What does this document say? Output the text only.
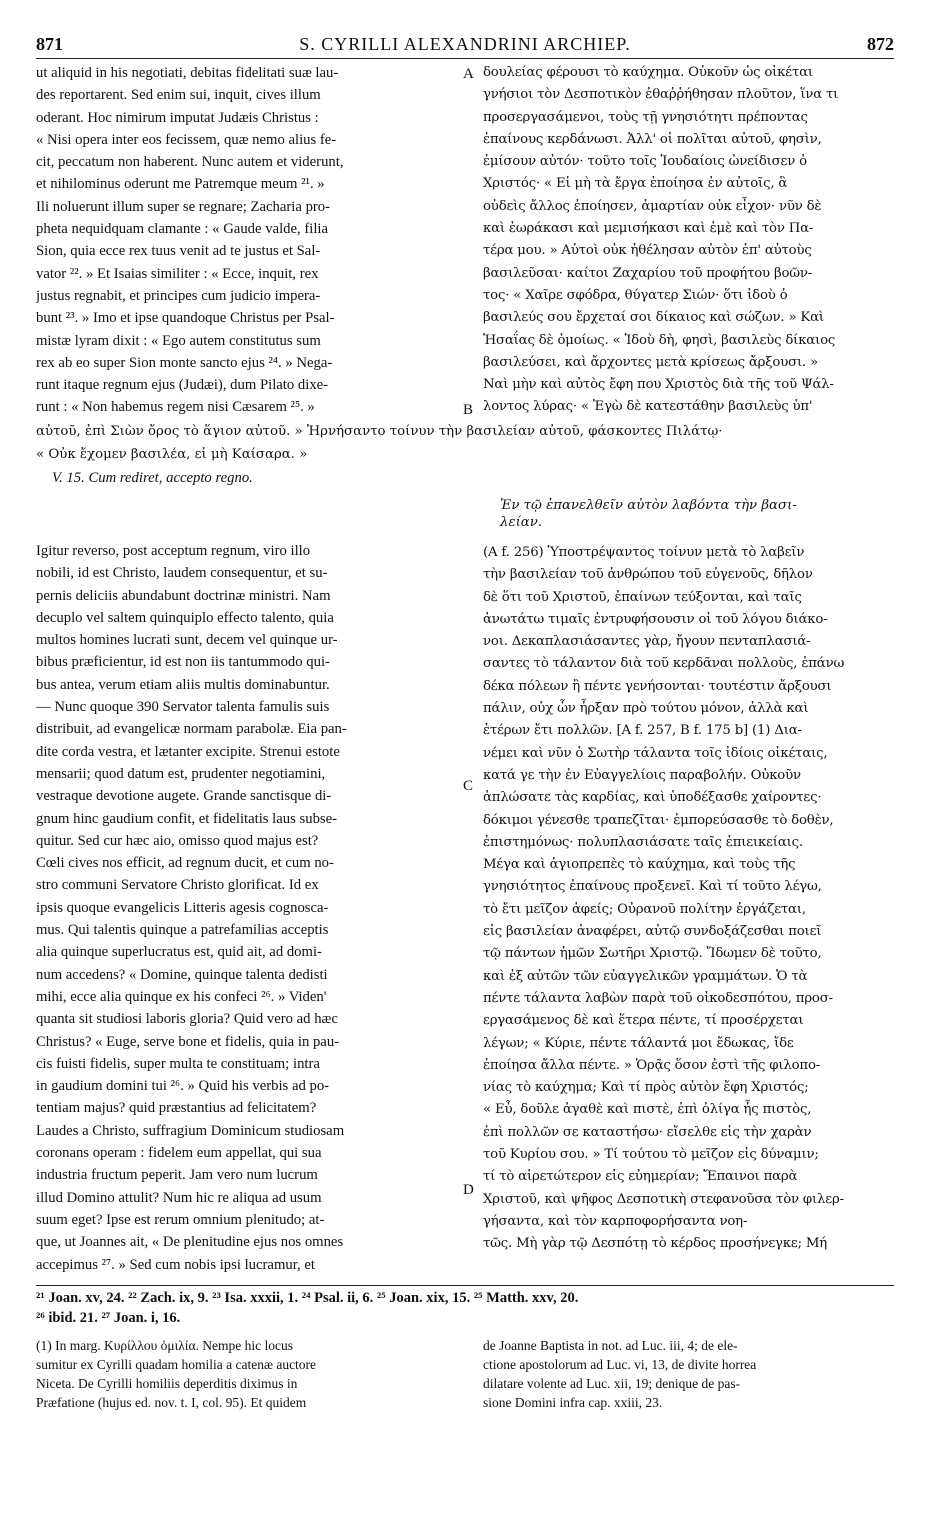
871	S. CYRILLI ALEXANDRINI ARCHIEP.	872
ut aliquid in his negotiati, debitas fidelitati suæ lau-
des reportarent. Sed enim sui, inquit, cives illum
oderant. Hoc nimirum imputat Judæis Christus :
« Nisi opera inter eos fecissem, quæ nemo alius fe-
cit, peccatum non haberent. Nunc autem et viderunt,
et nihilominus oderunt me Patremque meum ²¹. »
Ili noluerunt illum super se regnare; Zacharia pro-
pheta nequidquam clamante : « Gaude valde, filia
Sion, quia ecce rex tuus venit ad te justus et Sal-
vator ²². » Et Isaias similiter : « Ecce, inquit, rex
justus regnabit, et principes cum judicio impera-
bunt ²³. » Imo et ipse quandoque Christus per Psal-
mistæ lyram dixit : « Ego autem constitutus sum
rex ab eo super Sion monte sancto ejus ²⁴. » Nega-
runt itaque regnum ejus (Judæi), dum Pilato dixe-
runt : « Non habemus regem nisi Cæsarem ²⁵. »
δουλείας φέρουσι τὸ καύχημα. Οὐκοῦν ὡς οἰκέται
γνήσιοι τὸν Δεσποτικὸν ἐθαῤῥήθησαν πλοῦτον, ἵνα τι
προσεργασάμενοι, τοὺς τῇ γνησιότητι πρέποντας
ἐπαίνους κερδάνωσι. Ἀλλ' οἱ πολῖται αὐτοῦ, φησὶν,
ἐμίσουν αὐτόν· τοῦτο τοῖς Ἰουδαίοις ὠνείδισεν ὁ
Χριστός· « Εἰ μὴ τὰ ἔργα ἐποίησα ἐν αὐτοῖς, ἃ
οὐδεὶς ἄλλος ἐποίησεν, ἁμαρτίαν οὐκ εἶχον· νῦν δὲ
καὶ ἑωράκασι καὶ μεμισήκασι καὶ ἐμὲ καὶ τὸν Πα-
τέρα μου. » Αὐτοὶ οὐκ ἠθέλησαν αὐτὸν ἐπ' αὐτοὺς
βασιλεῦσαι· καίτοι Ζαχαρίου τοῦ προφήτου βοῶν-
τος· « Χαῖρε σφόδρα, θύγατερ Σιών· ὅτι ἰδοὺ ὁ
βασιλεύς σου ἔρχεταί σοι δίκαιος καὶ σώζων. » Καὶ
Ἡσαΐας δὲ ὁμοίως. « Ἰδοὺ δὴ, φησὶ, βασιλεὺς δίκαιος
βασιλεύσει, καὶ ἄρχοντες μετὰ κρίσεως ἄρξουσι. »
Ναὶ μὴν καὶ αὐτὸς ἔφη που Χριστὸς διὰ τῆς τοῦ Ψάλ-
λοντος λύρας· « Ἐγὼ δὲ κατεστάθην βασιλεὺς ὑπ'
A
B
C
D
αὐτοῦ, ἐπὶ Σιὼν ὄρος τὸ ἅγιον αὐτοῦ. » Ἠρνήσαντο τοίνυν τὴν βασιλείαν αὐτοῦ, φάσκοντες Πιλάτῳ·
« Οὐκ ἔχομεν βασιλέα, εἰ μὴ Καίσαρα. »
V. 15. Cum rediret, accepto regno.
Ἐν τῷ ἐπανελθεῖν αὐτὸν λαβόντα τὴν βασι-
λείαν.
Igitur reverso, post acceptum regnum, viro illo
nobili, id est Christo, laudem consequentur, et su-
pernis deliciis abundabunt doctrinæ ministri. Nam
decuplo vel saltem quinquiplo effecto talento, quia
multos homines lucrati sunt, decem vel quinque ur-
bibus præficientur, id est non iis tantummodo qui-
bus antea, verum etiam aliis multis dominabuntur.
— Nunc quoque 390 Servator talenta famulis suis
distribuit, ad evangelicæ normam parabolæ. Eia pan-
dite corda vestra, et lætanter excipite. Strenui estote
mensarii; quod datum est, prudenter negotiamini,
vestraque devotione augete. Grande sanctisque di-
gnum hinc gaudium confit, et fidelitatis laus subse-
quitur. Sed cur hæc aio, omisso quod majus est?
Cœli cives nos efficit, ad regnum ducit, et cum no-
stro communi Servatore Christo glorificat. Id ex
ipsis quoque evangelicis Litteris agesis cognosca-
mus. Qui talentis quinque a patrefamilias acceptis
alia quinque superlucratus est, quid ait, ad domi-
num accedens? « Domine, quinque talenta dedisti
mihi, ecce alia quinque ex his confeci ²⁶. » Viden'
quanta sit studiosi laboris gloria? Quid vero ad hæc
Christus? « Euge, serve bone et fidelis, quia in pau-
cis fuisti fidelis, super multa te constituam; intra
in gaudium domini tui ²⁶. » Quid his verbis ad po-
tentiam majus? quid præstantius ad felicitatem?
Laudes a Christo, suffragium Dominicum studiosam
coronans operam : fidelem eum appellat, qui sua
industria fructum peperit. Jam vero num lucrum
illud Domino attulit? Num hic re aliqua ad usum
suum eget? Ipse est rerum omnium plenitudo; at-
que, ut Joannes ait, « De plenitudine ejus nos omnes
accepimus ²⁷. » Sed cum nobis ipsi lucramur, et
(A f. 256) Ὑποστρέψαντος τοίνυν μετὰ τὸ λαβεῖν
τὴν βασιλείαν τοῦ ἀνθρώπου τοῦ εὐγενοῦς, δῆλον
δὲ ὅτι τοῦ Χριστοῦ, ἐπαίνων τεύξονται, καὶ ταῖς
ἀνωτάτω τιμαῖς ἐντρυφήσουσιν οἱ τοῦ λόγου διάκο-
νοι. Δεκαπλασιάσαντες γὰρ, ἤγουν πενταπλασιά-
σαντες τὸ τάλαντον διὰ τοῦ κερδᾶναι πολλοὺς, ἐπάνω
δέκα πόλεων ἢ πέντε γενήσονται· τουτέστιν ἄρξουσι
πάλιν, οὐχ ὧν ἦρξαν πρὸ τούτου μόνον, ἀλλὰ καὶ
ἑτέρων ἔτι πολλῶν. [A f. 257, B f. 175 b] (1) Δια-
νέμει καὶ νῦν ὁ Σωτὴρ τάλαντα τοῖς ἰδίοις οἰκέταις,
κατά γε τὴν ἐν Εὐαγγελίοις παραβολήν. Οὐκοῦν
ἁπλώσατε τὰς καρδίας, καὶ ὑποδέξασθε χαίροντες·
δόκιμοι γένεσθε τραπεζῖται· ἐμπορεύσασθε τὸ δοθὲν,
ἐπιστημόνως· πολυπλασιάσατε ταῖς ἐπιεικείαις.
Μέγα καὶ ἁγιοπρεπὲς τὸ καύχημα, καὶ τοὺς τῆς
γνησιότητος ἐπαίνους προξενεῖ. Καὶ τί τοῦτο λέγω,
τὸ ἔτι μεῖζον ἀφείς; Οὐρανοῦ πολίτην ἐργάζεται,
εἰς βασιλείαν ἀναφέρει, αὐτῷ συνδοξάζεσθαι ποιεῖ
τῷ πάντων ἡμῶν Σωτῆρι Χριστῷ. Ἴδωμεν δὲ τοῦτο,
καὶ ἐξ αὐτῶν τῶν εὐαγγελικῶν γραμμάτων. Ὁ τὰ
πέντε τάλαντα λαβὼν παρὰ τοῦ οἰκοδεσπότου, προσ-
εργασάμενος δὲ καὶ ἕτερα πέντε, τί προσέρχεται
λέγων; « Κύριε, πέντε τάλαντά μοι ἔδωκας, ἴδε
ἐποίησα ἄλλα πέντε. » Ὁρᾷς ὅσον ἐστὶ τῆς φιλοπο-
νίας τὸ καύχημα; Καὶ τί πρὸς αὐτὸν ἔφη Χριστός;
« Εὖ, δοῦλε ἀγαθὲ καὶ πιστὲ, ἐπὶ ὀλίγα ἧς πιστὸς,
ἐπὶ πολλῶν σε καταστήσω· εἴσελθε εἰς τὴν χαρὰν
τοῦ Κυρίου σου. » Τί τούτου τὸ μεῖζον εἰς δύναμιν;
τί τὸ αἱρετώτερον εἰς εὐημερίαν; Ἔπαινοι παρὰ
Χριστοῦ, καὶ ψῆφος Δεσποτικὴ στεφανοῦσα τὸν φιλερ-
γήσαντα, καὶ τὸν καρποφορήσαντα νοη-
τῶς. Μὴ γὰρ τῷ Δεσπότῃ τὸ κέρδος προσήνεγκε; Μή
²¹ Joan. xv, 24. ²² Zach. ix, 9. ²³ Isa. xxxii, 1. ²⁴ Psal. ii, 6. ²⁵ Joan. xix, 15. ²⁵ Matth. xxv, 20.
²⁶ ibid. 21. ²⁷ Joan. i, 16.
(1) In marg. Κυρίλλου ὁμιλία. Nempe hic locus
sumitur ex Cyrilli quadam homilia a catenæ auctore
Niceta. De Cyrilli homiliis deperditis diximus in
Præfatione (hujus ed. nov. t. I, col. 95). Et quidem
de Joanne Baptista in not. ad Luc. iii, 4; de ele-
ctione apostolorum ad Luc. vi, 13, de divite horrea
dilatare volente ad Luc. xii, 19; denique de pas-
sione Domini infra cap. xxiii, 23.
